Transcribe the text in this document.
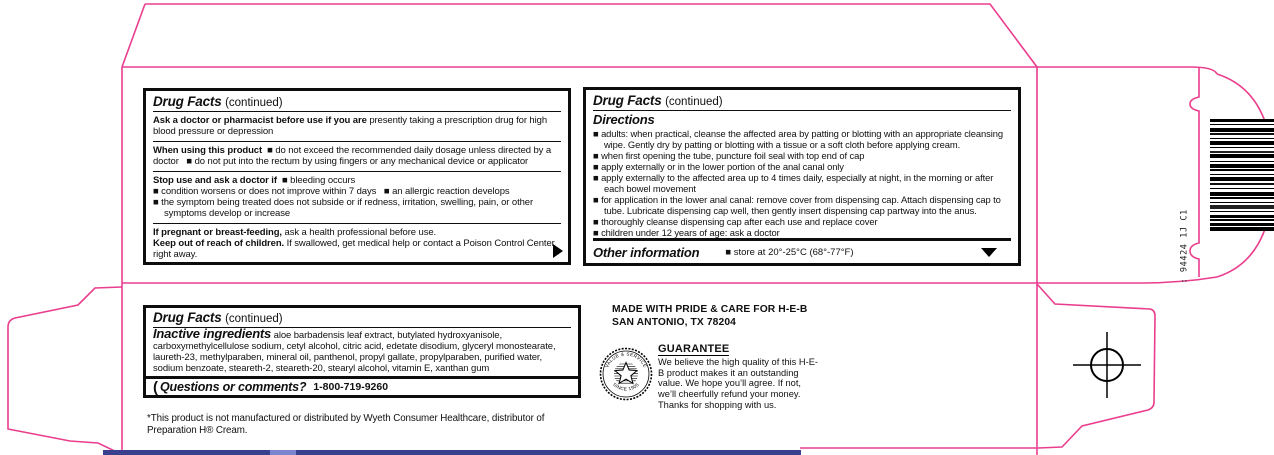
Drug Facts (continued)
Ask a doctor or pharmacist before use if you are presently taking a prescription drug for high blood pressure or depression
When using this product  ■ do not exceed the recommended daily dosage unless directed by a doctor   ■ do not put into the rectum by using fingers or any mechanical device or applicator
Stop use and ask a doctor if  ■ bleeding occurs
■ condition worsens or does not improve within 7 days   ■ an allergic reaction develops
■ the symptom being treated does not subside or if redness, irritation, swelling, pain, or other symptoms develop or increase
If pregnant or breast-feeding, ask a health professional before use.
Keep out of reach of children. If swallowed, get medical help or contact a Poison Control Center right away.
Drug Facts (continued)
Directions
■ adults: when practical, cleanse the affected area by patting or blotting with an appropriate cleansing wipe. Gently dry by patting or blotting with a tissue or a soft cloth before applying cream.
■ when first opening the tube, puncture foil seal with top end of cap
■ apply externally or in the lower portion of the anal canal only
■ apply externally to the affected area up to 4 times daily, especially at night, in the morning or after each bowel movement
■ for application in the lower anal canal: remove cover from dispensing cap. Attach dispensing cap to tube. Lubricate dispensing cap well, then gently insert dispensing cap partway into the anus.
■ thoroughly cleanse dispensing cap after each use and replace cover
■ children under 12 years of age: ask a doctor
Other information	■ store at 20°-25°C (68°-77°F)
Drug Facts (continued)
Inactive ingredients aloe barbadensis leaf extract, butylated hydroxyanisole, carboxymethylcellulose sodium, cetyl alcohol, citric acid, edetate disodium, glyceryl monostearate, laureth-23, methylparaben, mineral oil, panthenol, propyl gallate, propylparaben, purified water, sodium benzoate, steareth-2, steareth-20, stearyl alcohol, vitamin E, xanthan gum
( Questions or comments? 1-800-719-9260
*This product is not manufactured or distributed by Wyeth Consumer Healthcare, distributor of Preparation H® Cream.
MADE WITH PRIDE & CARE FOR H-E-B
SAN ANTONIO, TX 78204
VALUE & SERVICE
SINCE 1905
GUARANTEE
We believe the high quality of this H-E-B product makes it an outstanding value. We hope you’ll agree. If not, we’ll cheerfully refund your money.
Thanks for shopping with us.
: 94424 1J C1
